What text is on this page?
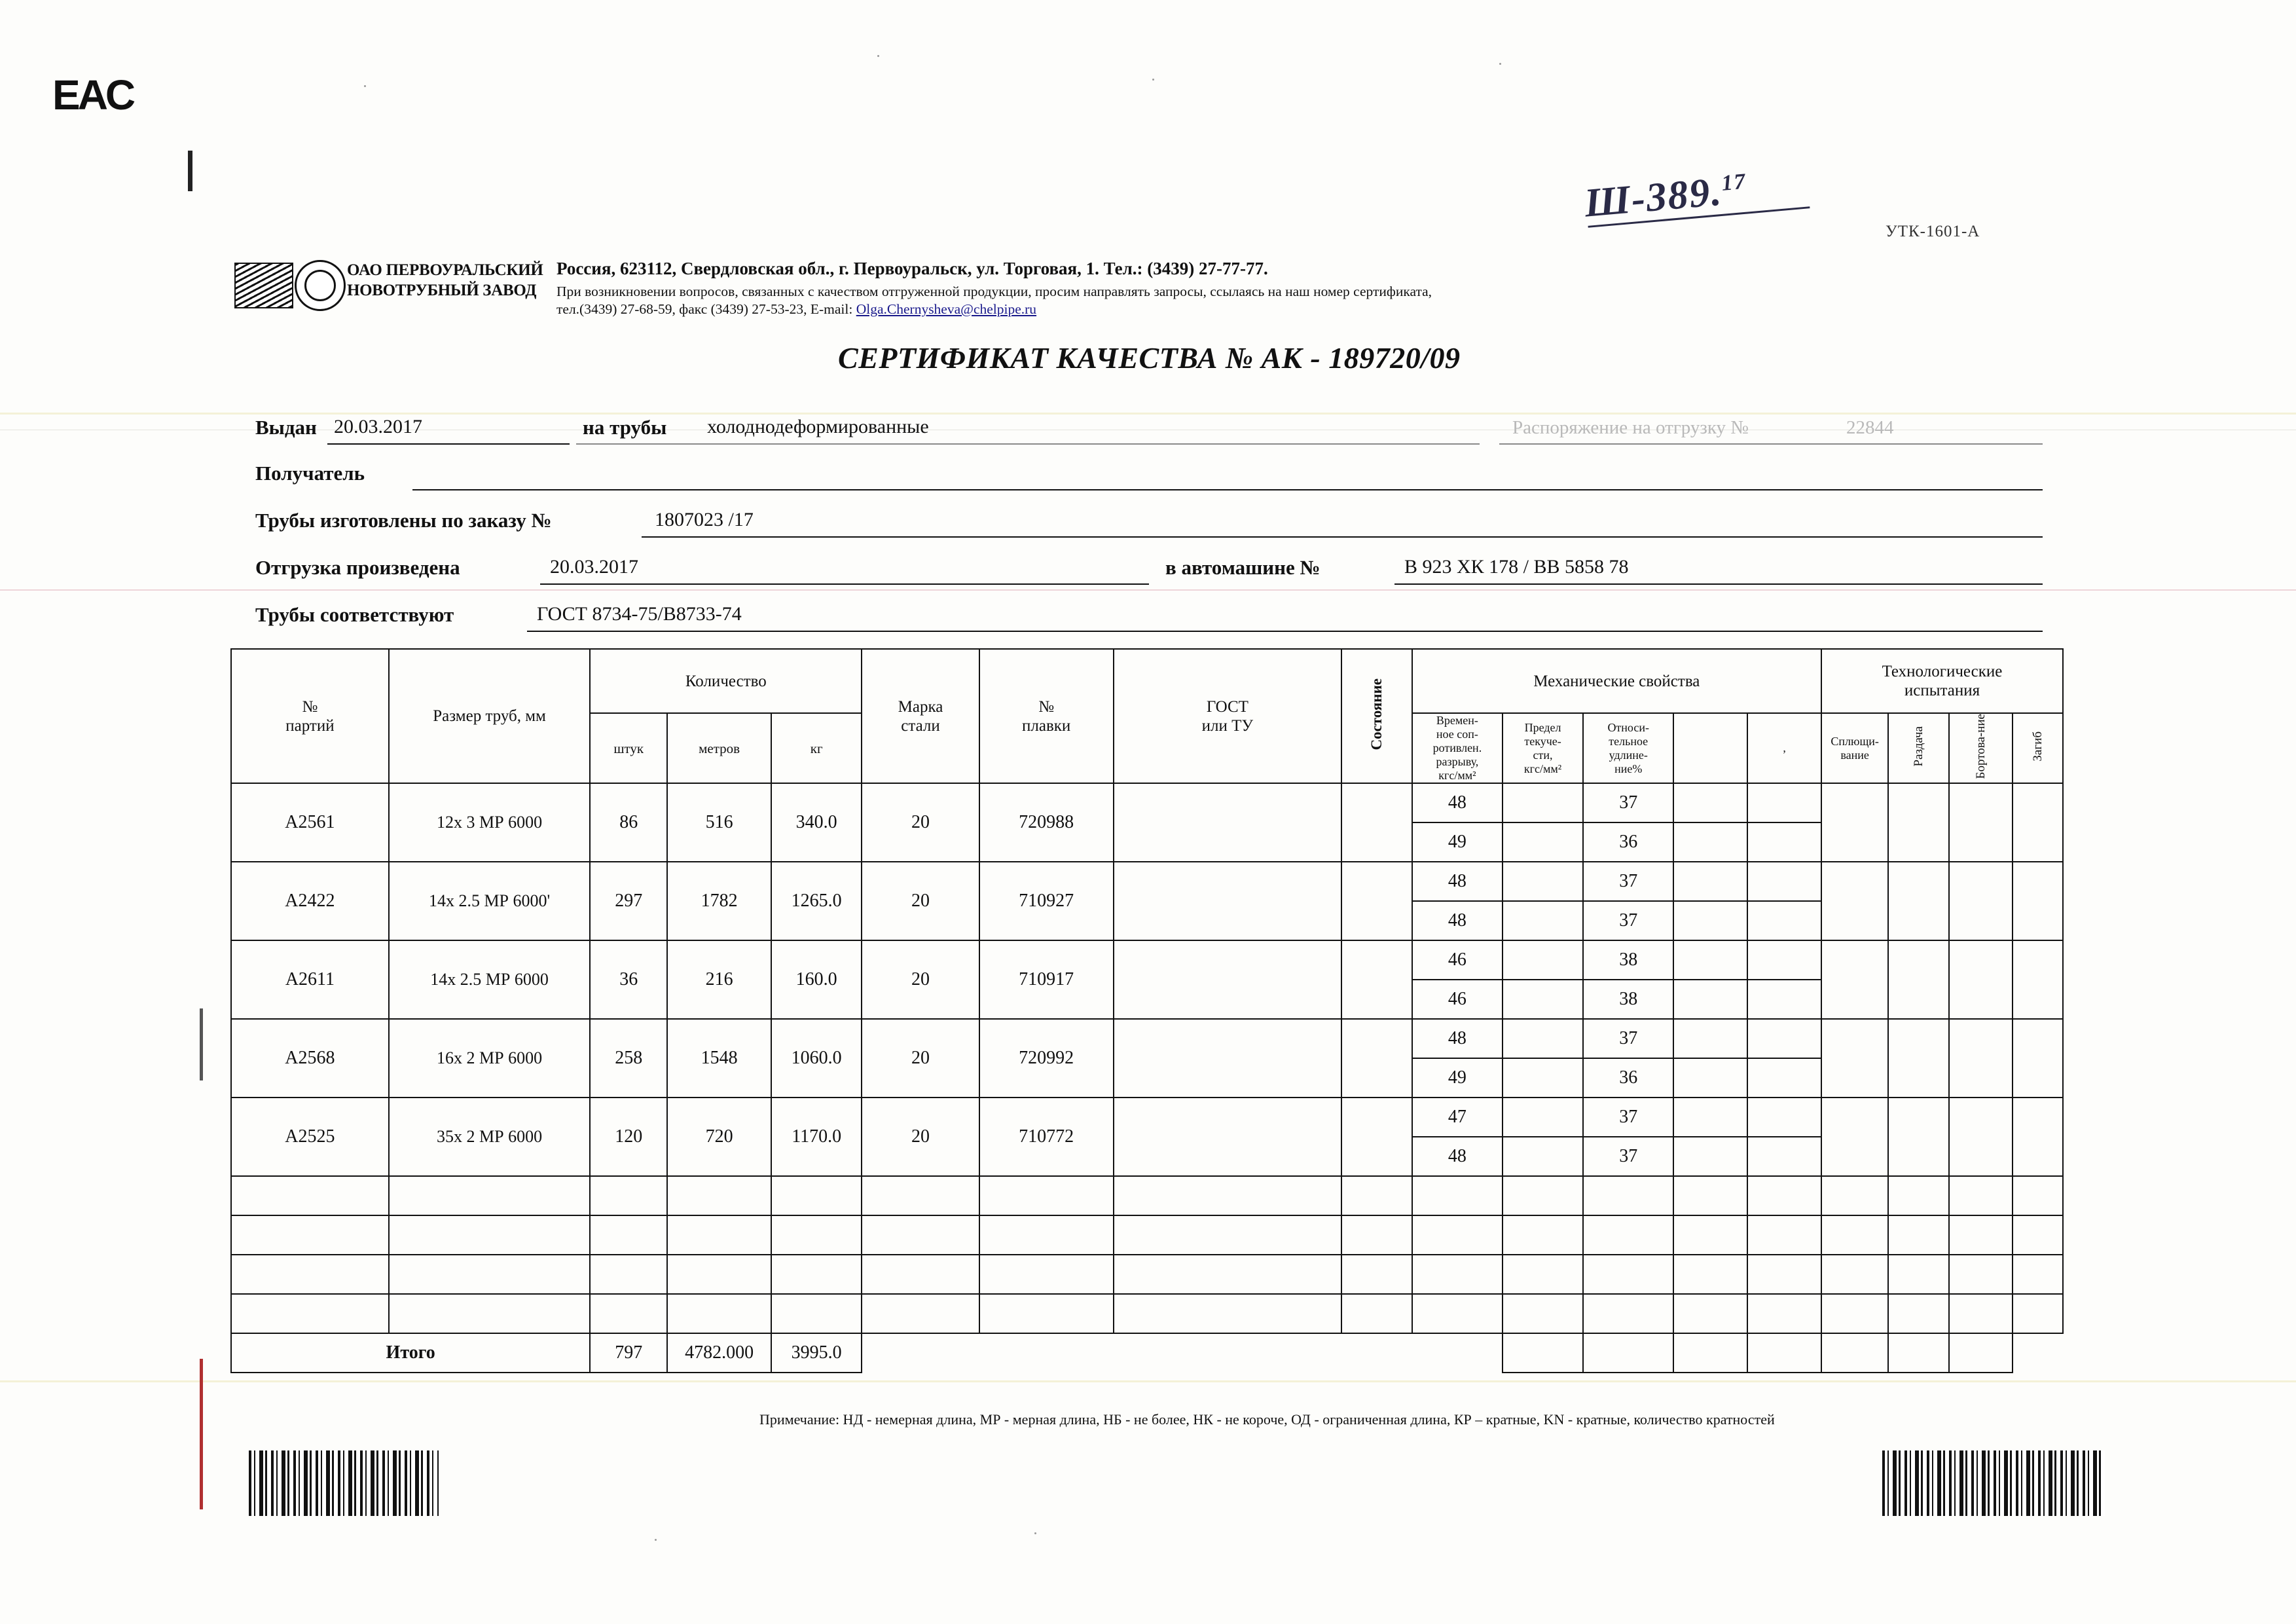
Ш-389.17
УТК-1601-А
ОАО ПЕРВОУРАЛЬСКИЙ
НОВОТРУБНЫЙ ЗАВОД
Россия, 623112, Свердловская обл., г. Первоуральск, ул. Торговая, 1. Тел.: (3439) 27-77-77.
При возникновении вопросов, связанных с качеством отгруженной продукции, просим направлять запросы, ссылаясь на наш номер сертификата,
тел.(3439) 27-68-59, факс (3439) 27-53-23, E-mail: Olga.Chernysheva@chelpipe.ru
ЕAC
СЕРТИФИКАТ КАЧЕСТВА № АК - 189720/09
Выдан 20.03.2017	на трубы холоднодеформированные	Распоряжение на отгрузку №	22844
Получатель
Трубы изготовлены по заказу №	1807023 /17
Отгрузка произведена	20.03.2017	в автомашине №	В 923 ХК 178 / ВВ 5858 78
Трубы соответствуют	ГОСТ 8734-75/В8733-74
№
партий
	Размер труб, мм	Количество	
Марка
стали

№
плавки

ГОСТ
или ТУ	Состояние	Механические свойства	
Технологические
испытания

штук	метров	кг	
Времен-
ное соп-
ротивлен.
разрыву,
кгс/мм²

Предел
текуче-
сти,
кгс/мм²

Относи-
тельное
удлине-
ние%
		‚	
Сплющи-
вание	Раздача	Бортова-ние	Загиб

А2561	12х 3 МР 6000	86	516	340.0	20	720988			48		37						
									49		36						
А2422	14х 2.5 МР 6000'	297	1782	1265.0	20	710927			48		37						
									48		37						
А2611	14х 2.5 МР 6000	36	216	160.0	20	710917			46		38						
									46		38						
А2568	16х 2 МР 6000	258	1548	1060.0	20	720992			48		37						
									49		36						
А2525	35х 2 МР 6000	120	720	1170.0	20	710772			47		37						
									48		37						

Итого		797	4782.000	3995.0													
Примечание: НД - немерная длина, МР - мерная длина, НБ - не более, НК - не короче, ОД - ограниченная длина, КР – кратные, KN - кратные, количество кратностей
